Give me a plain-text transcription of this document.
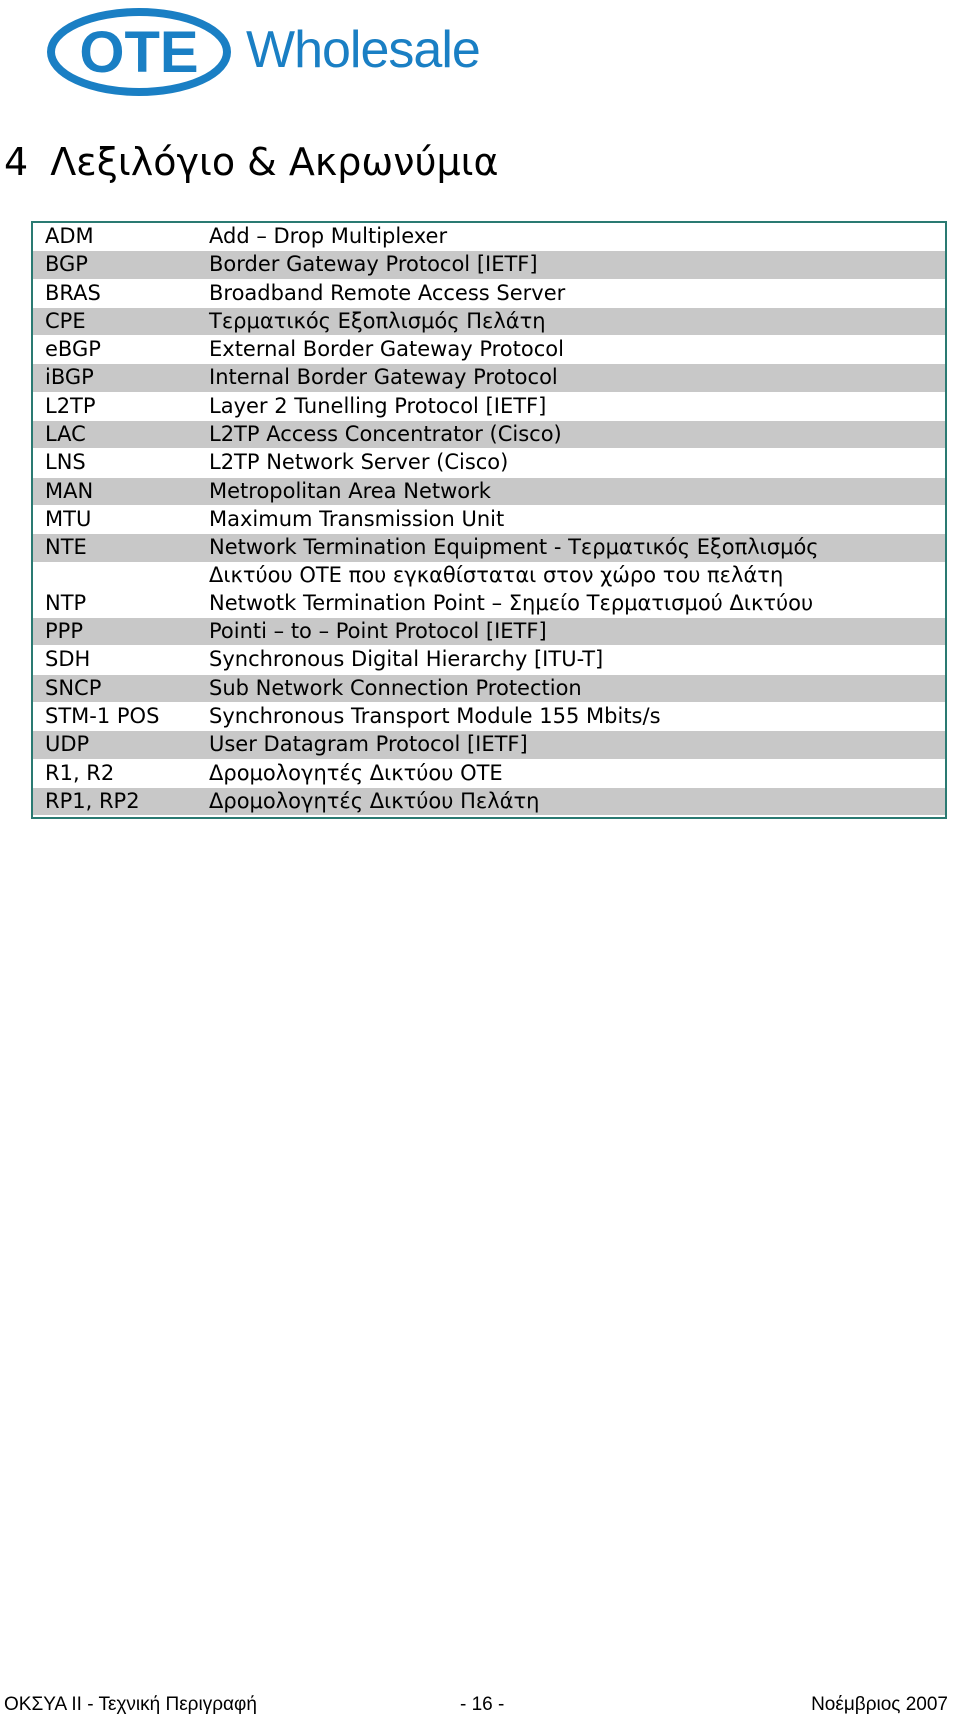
OTE Wholesale
4 Λεξιλόγιο & Ακρωνύμια
ADM	Add – Drop Multiplexer
BGP	Border Gateway Protocol [IETF]
BRAS	Broadband Remote Access Server
CPE	Τερματικός Εξοπλισμός Πελάτη
eBGP	External Border Gateway Protocol
iBGP	Internal Border Gateway Protocol
L2TP	Layer 2 Tunelling Protocol [IETF]
LAC	L2TP Access Concentrator (Cisco)
LNS	L2TP Network Server (Cisco)
MAN	Metropolitan Area Network
MTU	Maximum Transmission Unit
NTE	Network Termination Equipment - Τερματικός Εξοπλισμός
Δικτύου ΟΤΕ που εγκαθίσταται στον χώρο του πελάτη
NTP	Netwotk Termination Point – Σημείο Τερματισμού Δικτύου
PPP	Pointi – to – Point Protocol [IETF]
SDH	Synchronous Digital Hierarchy [ITU-T]
SNCP	Sub Network Connection Protection
STM-1 POS	Synchronous Transport Module 155 Mbits/s
UDP	User Datagram Protocol [IETF]
R1, R2	Δρομολογητές Δικτύου ΟΤΕ
RP1, RP2	Δρομολογητές Δικτύου Πελάτη
ΟΚΣΥΑ ΙΙ - Τεχνική Περιγραφή	- 16 -	Νοέμβριος 2007
